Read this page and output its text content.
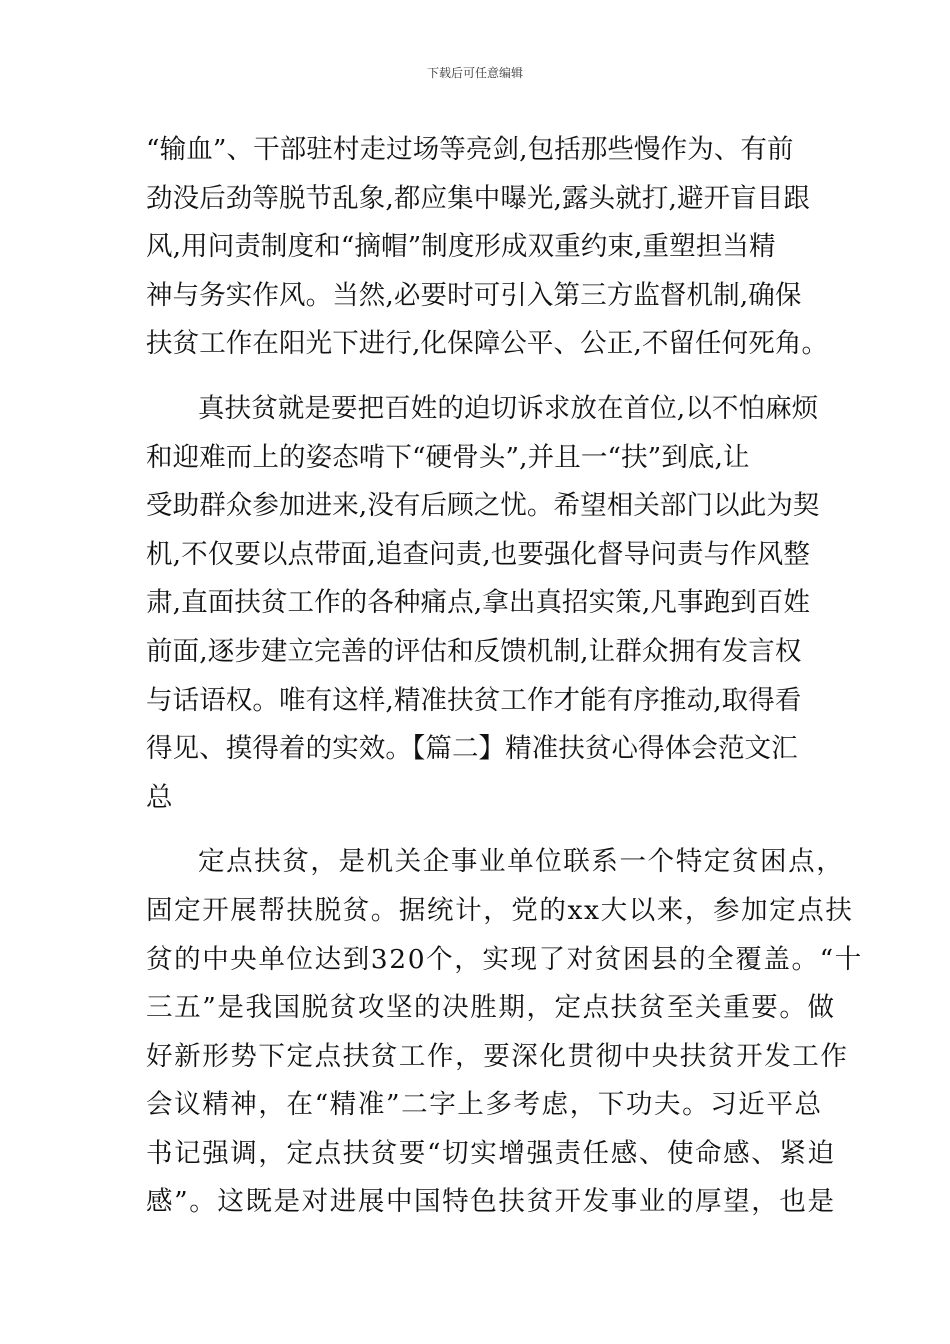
下载后可任意编辑
“输血”、干部驻村走过场等亮剑,包括那些慢作为、有前
劲没后劲等脱节乱象,都应集中曝光,露头就打,避开盲目跟
风,用问责制度和“摘帽”制度形成双重约束,重塑担当精
神与务实作风。当然,必要时可引入第三方监督机制,确保
扶贫工作在阳光下进行,化保障公平、公正,不留任何死角。
真扶贫就是要把百姓的迫切诉求放在首位,以不怕麻烦
和迎难而上的姿态啃下“硬骨头”,并且一“扶”到底,让
受助群众参加进来,没有后顾之忧。希望相关部门以此为契
机,不仅要以点带面,追查问责,也要强化督导问责与作风整
肃,直面扶贫工作的各种痛点,拿出真招实策,凡事跑到百姓
前面,逐步建立完善的评估和反馈机制,让群众拥有发言权
与话语权。唯有这样,精准扶贫工作才能有序推动,取得看
得见、摸得着的实效。【篇二】精准扶贫心得体会范文汇
总
定点扶贫，是机关企事业单位联系一个特定贫困点，
固定开展帮扶脱贫。据统计，党的xx大以来，参加定点扶
贫的中央单位达到320个，实现了对贫困县的全覆盖。“十
三五”是我国脱贫攻坚的决胜期，定点扶贫至关重要。做
好新形势下定点扶贫工作，要深化贯彻中央扶贫开发工作
会议精神，在“精准”二字上多考虑，下功夫。习近平总
书记强调，定点扶贫要“切实增强责任感、使命感、紧迫
感”。这既是对进展中国特色扶贫开发事业的厚望，也是
